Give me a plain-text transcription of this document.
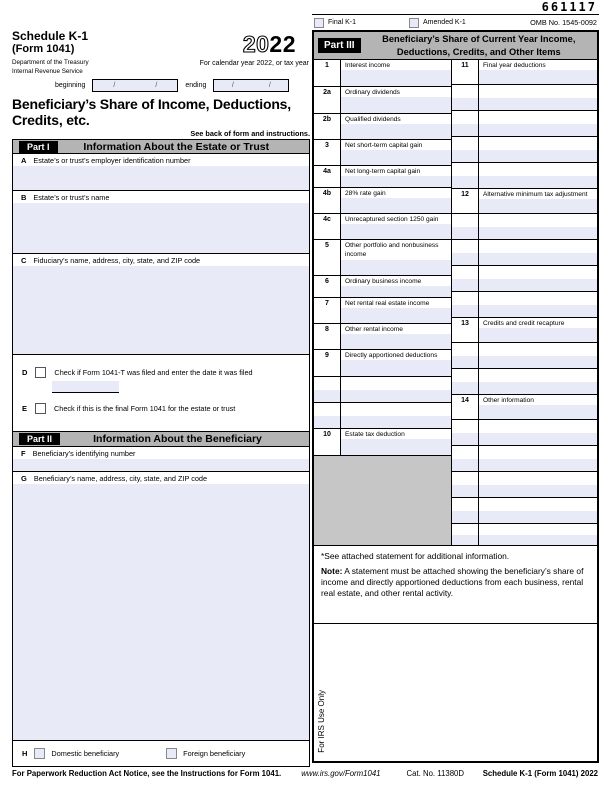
Schedule K-1
(Form 1041)
Department of the Treasury
Internal Revenue Service
2022
For calendar year 2022, or tax year
beginning	/	/	ending	/	/
Beneficiary’s Share of Income, Deductions, Credits, etc.
See back of form and instructions.
Part I	Information About the Estate or Trust
A Estate’s or trust’s employer identification number
B Estate’s or trust’s name
C Fiduciary’s name, address, city, state, and ZIP code
D	Check if Form 1041-T was filed and enter the date it was filed
E	Check if this is the final Form 1041 for the estate or trust
Part II	Information About the Beneficiary
F Beneficiary’s identifying number
G Beneficiary’s name, address, city, state, and ZIP code
H	Domestic beneficiary	Foreign beneficiary
661117
Final K-1	Amended K-1	OMB No. 1545-0092
Part III
Beneficiary’s Share of Current Year Income,
Deductions, Credits, and Other Items
1	Interest income
2a	Ordinary dividends
2b	Qualified dividends
3	Net short-term capital gain
4a	Net long-term capital gain
4b	28% rate gain
4c	Unrecaptured section 1250 gain
5	Other portfolio and nonbusiness income
6	Ordinary business income
7	Net rental real estate income
8	Other rental income
9	Directly apportioned deductions
10	Estate tax deduction
11	Final year deductions
12	Alternative minimum tax adjustment
13	Credits and credit recapture
14	Other information
*See attached statement for additional information.
Note: A statement must be attached showing the beneficiary’s share of income and directly apportioned deductions from each business, rental real estate, and other rental activity.
For IRS Use Only
For Paperwork Reduction Act Notice, see the Instructions for Form 1041.	www.irs.gov/Form1041	Cat. No. 11380D Schedule K-1 (Form 1041) 2022
